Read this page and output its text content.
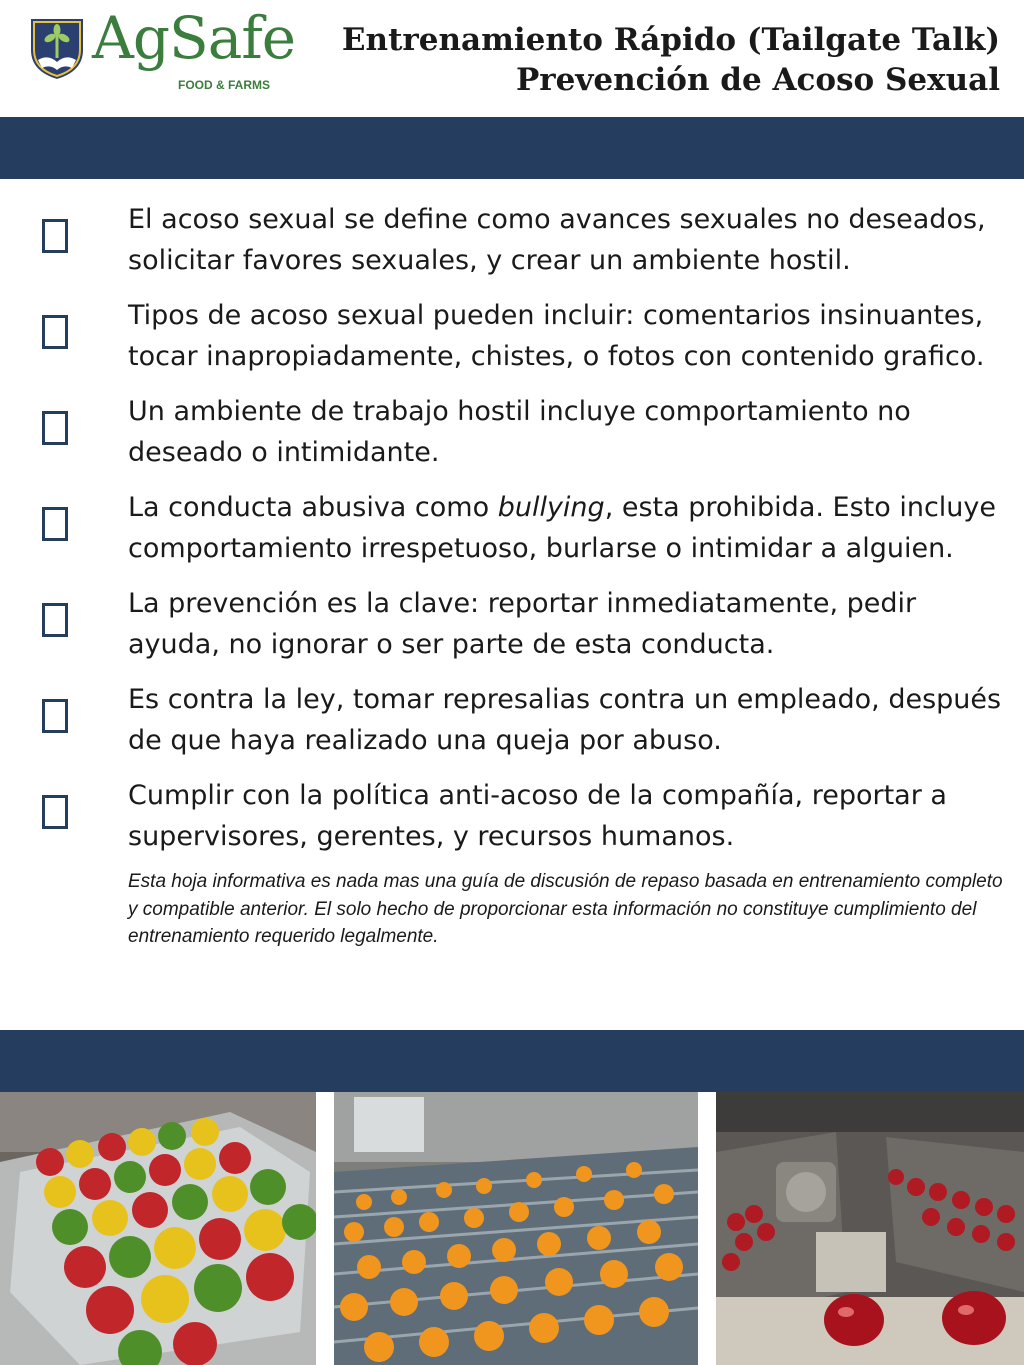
AgSafe
FOOD & FARMS
Entrenamiento Rápido (Tailgate Talk)
Prevención de Acoso Sexual
El acoso sexual se define como avances sexuales no deseados, solicitar favores sexuales, y crear un ambiente hostil.
Tipos de acoso sexual pueden incluir: comentarios insinuantes, tocar inapropiadamente, chistes, o fotos con contenido grafico.
Un ambiente de trabajo hostil incluye comportamiento no deseado o intimidante.
La conducta abusiva como bullying, esta prohibida. Esto incluye comportamiento irrespetuoso, burlarse o intimidar a alguien.
La prevención es la clave: reportar inmediatamente, pedir ayuda, no ignorar o ser parte de esta conducta.
Es contra la ley, tomar represalias contra un empleado, después de que haya realizado una queja por abuso.
Cumplir con la política anti-acoso de la compañía, reportar a supervisores, gerentes, y recursos humanos.
Esta hoja informativa es nada mas una guía de discusión de repaso basada en entrenamiento completo y compatible anterior. El solo hecho de proporcionar esta información no constituye cumplimiento del entrenamiento requerido legalmente.
